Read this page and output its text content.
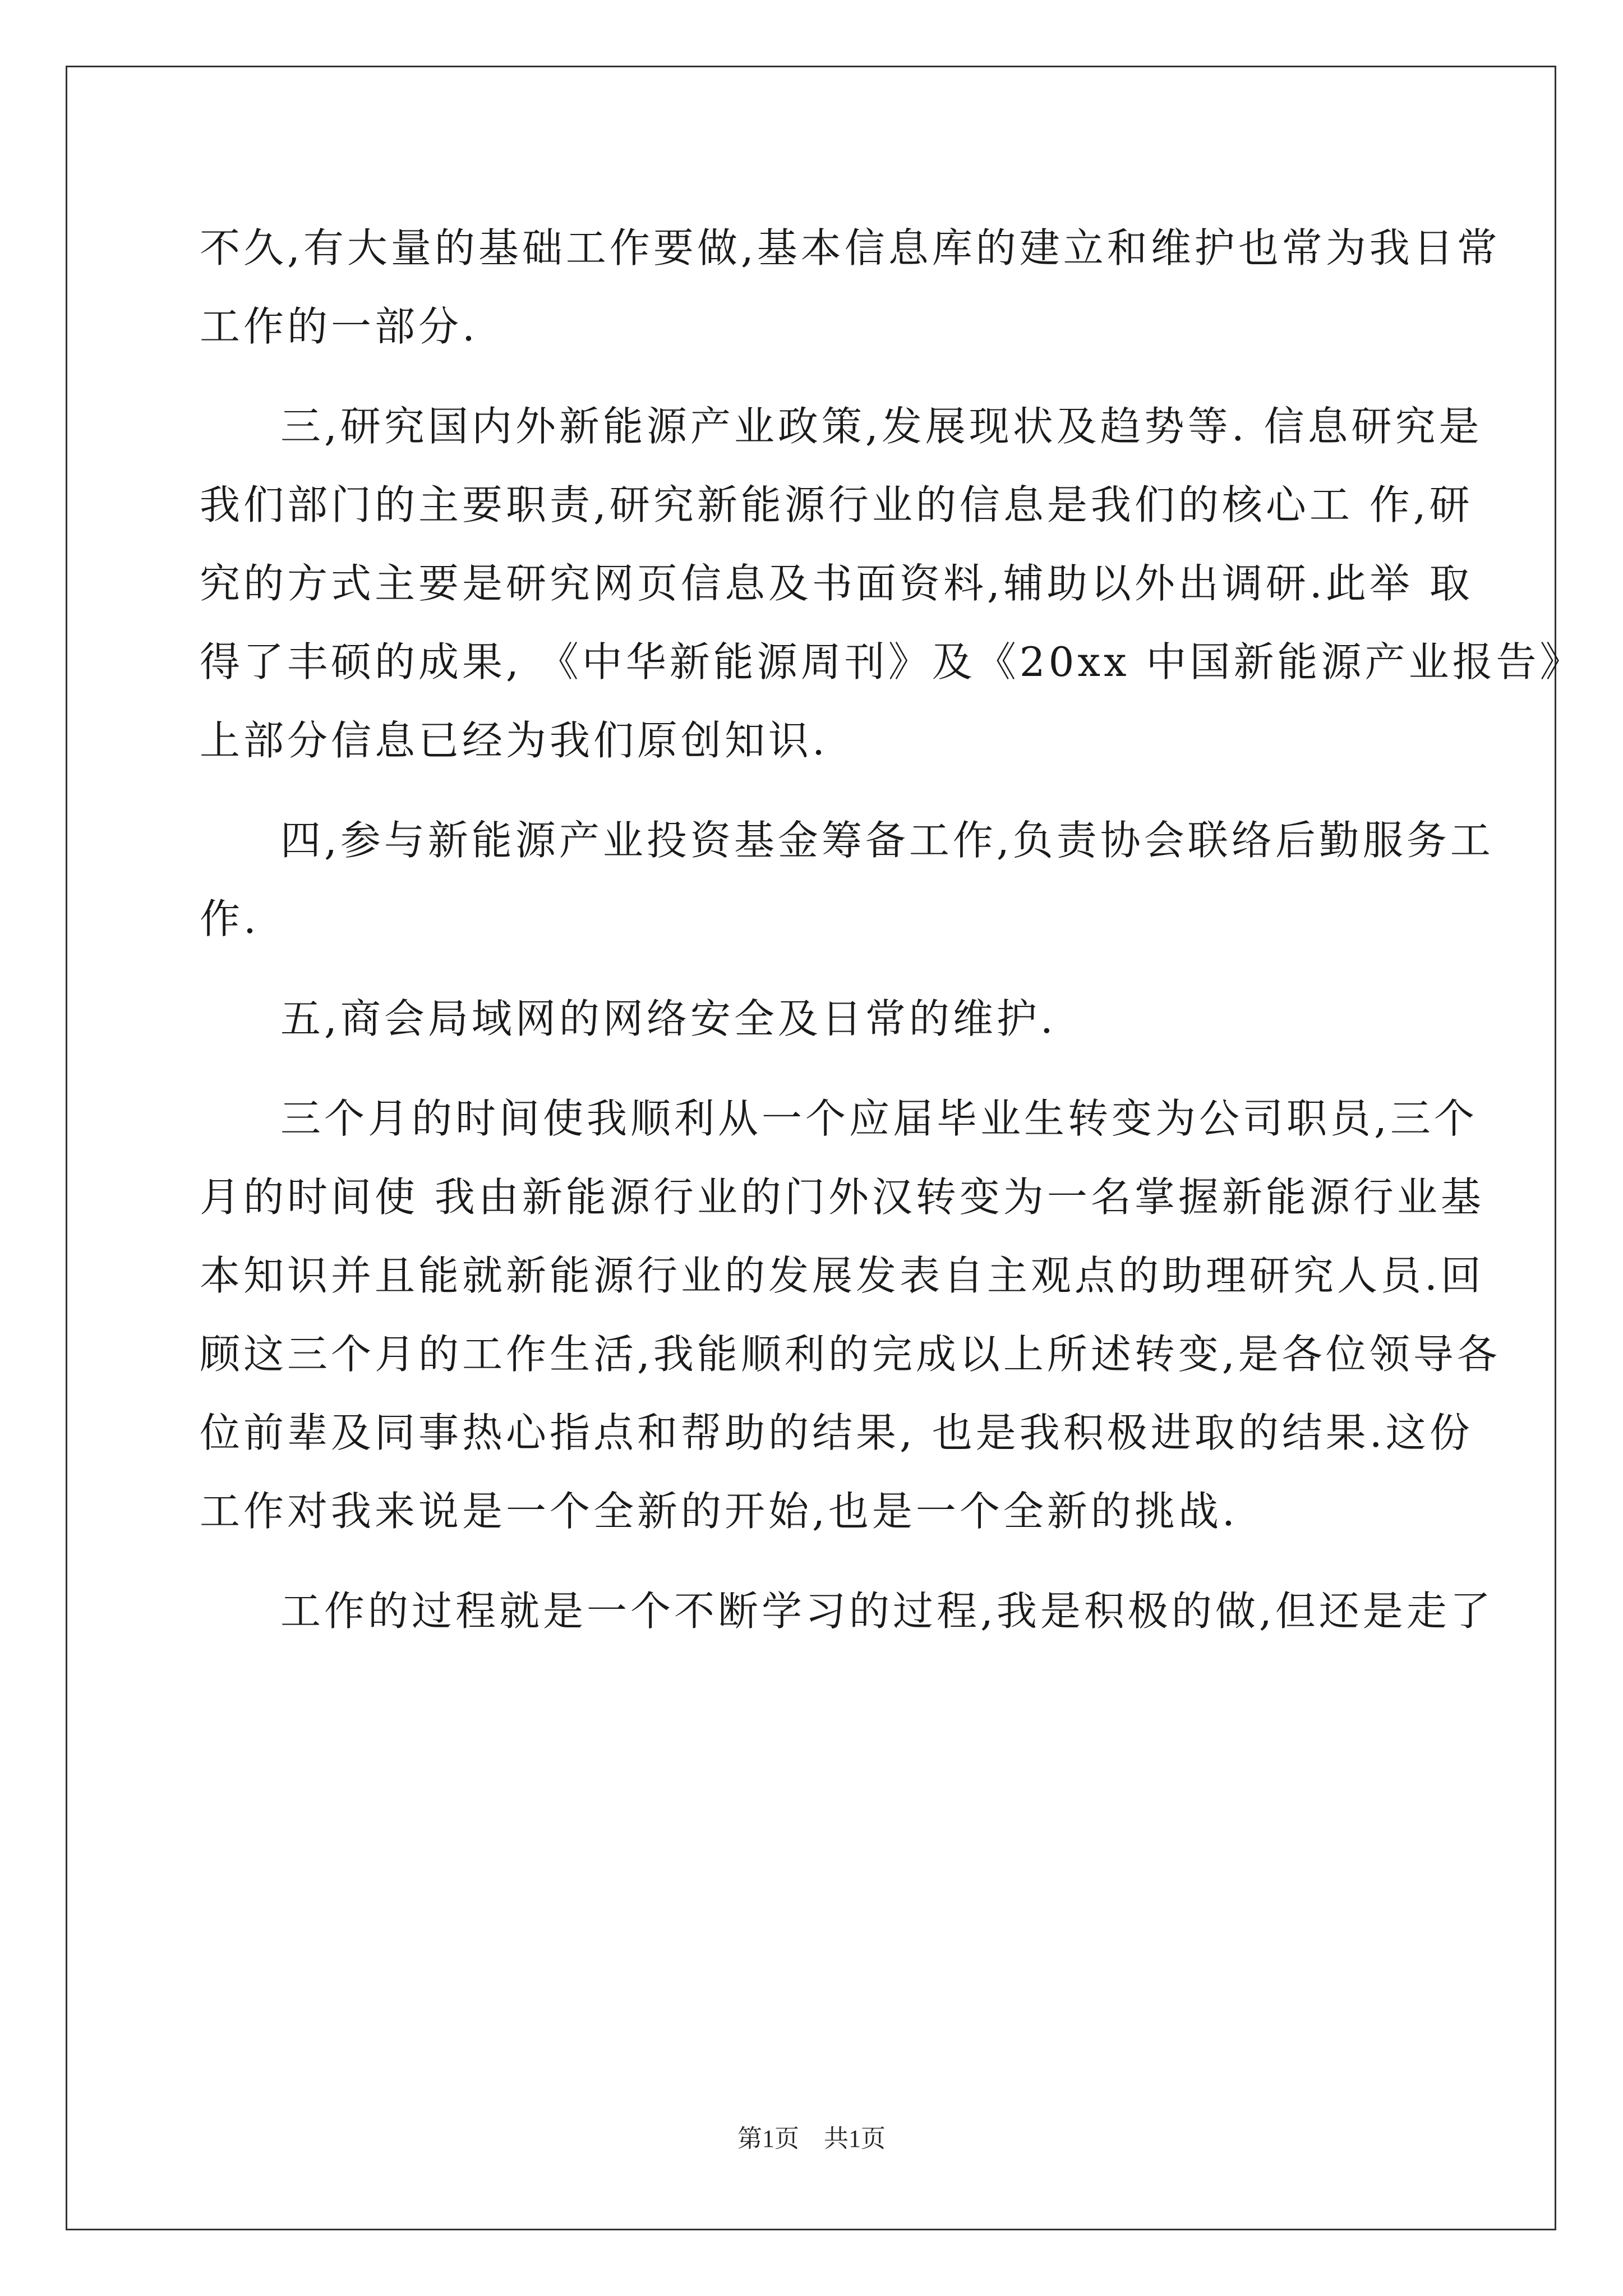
不久,有大量的基础工作要做,基本信息库的建立和维护也常为我日常
工作的一部分.
三,研究国内外新能源产业政策,发展现状及趋势等. 信息研究是
我们部门的主要职责,研究新能源行业的信息是我们的核心工 作,研
究的方式主要是研究网页信息及书面资料,辅助以外出调研.此举 取
得了丰硕的成果, 《中华新能源周刊》及《20xx 中国新能源产业报告》
上部分信息已经为我们原创知识.
四,参与新能源产业投资基金筹备工作,负责协会联络后勤服务工
作.
五,商会局域网的网络安全及日常的维护.
三个月的时间使我顺利从一个应届毕业生转变为公司职员,三个
月的时间使 我由新能源行业的门外汉转变为一名掌握新能源行业基
本知识并且能就新能源行业的发展发表自主观点的助理研究人员.回
顾这三个月的工作生活,我能顺利的完成以上所述转变,是各位领导各
位前辈及同事热心指点和帮助的结果, 也是我积极进取的结果.这份
工作对我来说是一个全新的开始,也是一个全新的挑战.
工作的过程就是一个不断学习的过程,我是积极的做,但还是走了
第1页　共1页
